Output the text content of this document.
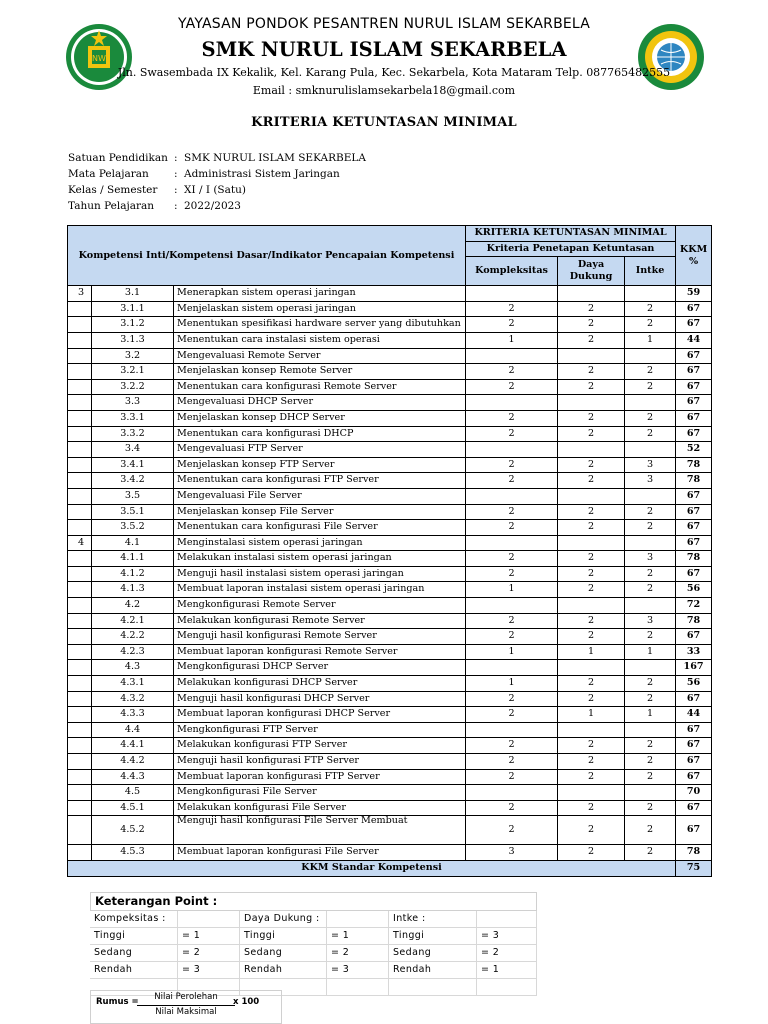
NW
YAYASAN PONDOK PESANTREN NURUL ISLAM SEKARBELA
SMK NURUL ISLAM SEKARBELA
Jln. Swasembada IX Kekalik, Kel. Karang Pula, Kec. Sekarbela, Kota Mataram Telp. 087765482555
Email : smknurulislamsekarbela18@gmail.com
KRITERIA KETUNTASAN MINIMAL
Satuan Pendidikan : SMK NURUL ISLAM SEKARBELA
Mata Pelajaran : Administrasi Sistem Jaringan
Kelas / Semester : XI / I (Satu)
Tahun Pelajaran : 2022/2023
Kompetensi Inti/Kompetensi Dasar/Indikator Pencapaian Kompetensi			KRITERIA KETUNTASAN MINIMAL			KKM %
			Kriteria Penetapan Ketuntasan			
			Kompleksitas	Daya Dukung	Intke	
3	3.1	Menerapkan sistem operasi jaringan				59
	3.1.1	Menjelaskan sistem operasi jaringan	2	2	2	67
	3.1.2	Menentukan spesifikasi hardware server yang dibutuhkan	2	2	2	67
	3.1.3	Menentukan cara instalasi sistem operasi	1	2	1	44
	3.2	Mengevaluasi Remote Server				67
	3.2.1	Menjelaskan konsep Remote Server	2	2	2	67
	3.2.2	Menentukan cara konfigurasi Remote Server	2	2	2	67
	3.3	Mengevaluasi DHCP Server				67
	3.3.1	Menjelaskan konsep DHCP Server	2	2	2	67
	3.3.2	Menentukan cara konfigurasi DHCP	2	2	2	67
	3.4	Mengevaluasi FTP Server				52
	3.4.1	Menjelaskan konsep FTP Server	2	2	3	78
	3.4.2	Menentukan cara konfigurasi FTP Server	2	2	3	78
	3.5	Mengevaluasi File Server				67
	3.5.1	Menjelaskan konsep File Server	2	2	2	67
	3.5.2	Menentukan cara konfigurasi File Server	2	2	2	67
4	4.1	Menginstalasi sistem operasi jaringan				67
	4.1.1	Melakukan instalasi sistem operasi jaringan	2	2	3	78
	4.1.2	Menguji hasil instalasi sistem operasi jaringan	2	2	2	67
	4.1.3	Membuat laporan instalasi sistem operasi jaringan	1	2	2	56
	4.2	Mengkonfigurasi Remote Server				72
	4.2.1	Melakukan konfigurasi Remote Server	2	2	3	78
	4.2.2	Menguji hasil konfigurasi Remote Server	2	2	2	67
	4.2.3	Membuat laporan konfigurasi Remote Server	1	1	1	33
	4.3	Mengkonfigurasi DHCP Server				167
	4.3.1	Melakukan konfigurasi DHCP Server	1	2	2	56
	4.3.2	Menguji hasil konfigurasi DHCP Server	2	2	2	67
	4.3.3	Membuat laporan konfigurasi DHCP Server	2	1	1	44
	4.4	Mengkonfigurasi FTP Server				67
	4.4.1	Melakukan konfigurasi FTP Server	2	2	2	67
	4.4.2	Menguji hasil konfigurasi FTP Server	2	2	2	67
	4.4.3	Membuat laporan konfigurasi FTP Server	2	2	2	67
	4.5	Mengkonfigurasi File Server				70
	4.5.1	Melakukan konfigurasi File Server	2	2	2	67
	4.5.2	Menguji hasil konfigurasi File Server Membuat	2	2	2	67
	4.5.3	Membuat laporan konfigurasi File Server	3	2	2	78
KKM Standar Kompetensi						75
Keterangan Point :
Kompeksitas :	Daya Dukung :	Intke :
Tinggi	= 1	Tinggi	= 1	Tinggi	= 3
Sedang	= 2	Sedang	= 2	Sedang	= 2
Rendah	= 3	Rendah	= 3	Rendah	= 1
Rumus =	Nilai Perolehan
Nilai Maksimal
x 100
